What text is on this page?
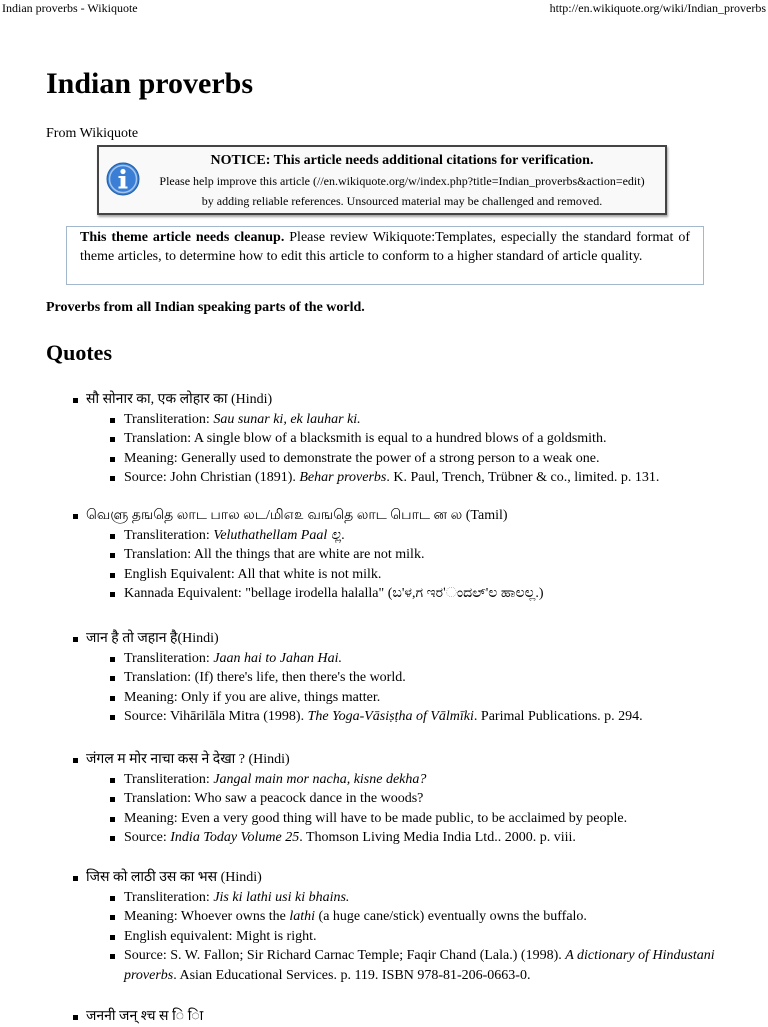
Indian proverbs - Wikiquote	http://en.wikiquote.org/wiki/Indian_proverbs
Indian proverbs
From Wikiquote
NOTICE: This article needs additional citations for verification.
Please help improve this article (//en.wikiquote.org/w/index.php?title=Indian_proverbs&action=edit)
by adding reliable references. Unsourced material may be challenged and removed.
This theme article needs cleanup. Please review Wikiquote:Templates, especially the standard format of theme articles, to determine how to edit this article to conform to a higher standard of article quality.
Proverbs from all Indian speaking parts of the world.
Quotes
सौ सोनार का, एक लोहार का (Hindi)
Transliteration: Sau sunar ki, ek lauhar ki.
Translation: A single blow of a blacksmith is equal to a hundred blows of a goldsmith.
Meaning: Generally used to demonstrate the power of a strong person to a weak one.
Source: John Christian (1891). Behar proverbs. K. Paul, Trench, Trübner & co., limited. p. 131.
வெளு தஙதெ லாட பால லட/மி௭௨ வஙதெ லாட பொட ன ல (Tamil)
Transliteration: Veluthathellam Paal ಲ್ಲ.
Translation: All the things that are white are not milk.
English Equivalent: All that white is not milk.
Kannada Equivalent: "bellage irodella halalla" (ಬ'ಳ,ಗ ಇರ'ಂದಲ್'ಲ ಹಾಲಲ್ಲ.)
जान है तो जहान है(Hindi)
Transliteration: Jaan hai to Jahan Hai.
Translation: (If) there's life, then there's the world.
Meaning: Only if you are alive, things matter.
Source: Vihārilāla Mitra (1998). The Yoga-Vāsiṣṭha of Vālmīki. Parimal Publications. p. 294.
जंगल म मोर नाचा कस ने देखा ? (Hindi)
Transliteration: Jangal main mor nacha, kisne dekha?
Translation: Who saw a peacock dance in the woods?
Meaning: Even a very good thing will have to be made public, to be acclaimed by people.
Source: India Today Volume 25. Thomson Living Media India Ltd.. 2000. p. viii.
जिस को लाठी उस का भस (Hindi)
Transliteration: Jis ki lathi usi ki bhains.
Meaning: Whoever owns the lathi (a huge cane/stick) eventually owns the buffalo.
English equivalent: Might is right.
Source: S. W. Fallon; Sir Richard Carnac Temple; Faqir Chand (Lala.) (1998). A dictionary of Hindustani proverbs. Asian Educational Services. p. 119. ISBN 978-81-206-0663-0.
जननी जन् श्च स ि ाि
